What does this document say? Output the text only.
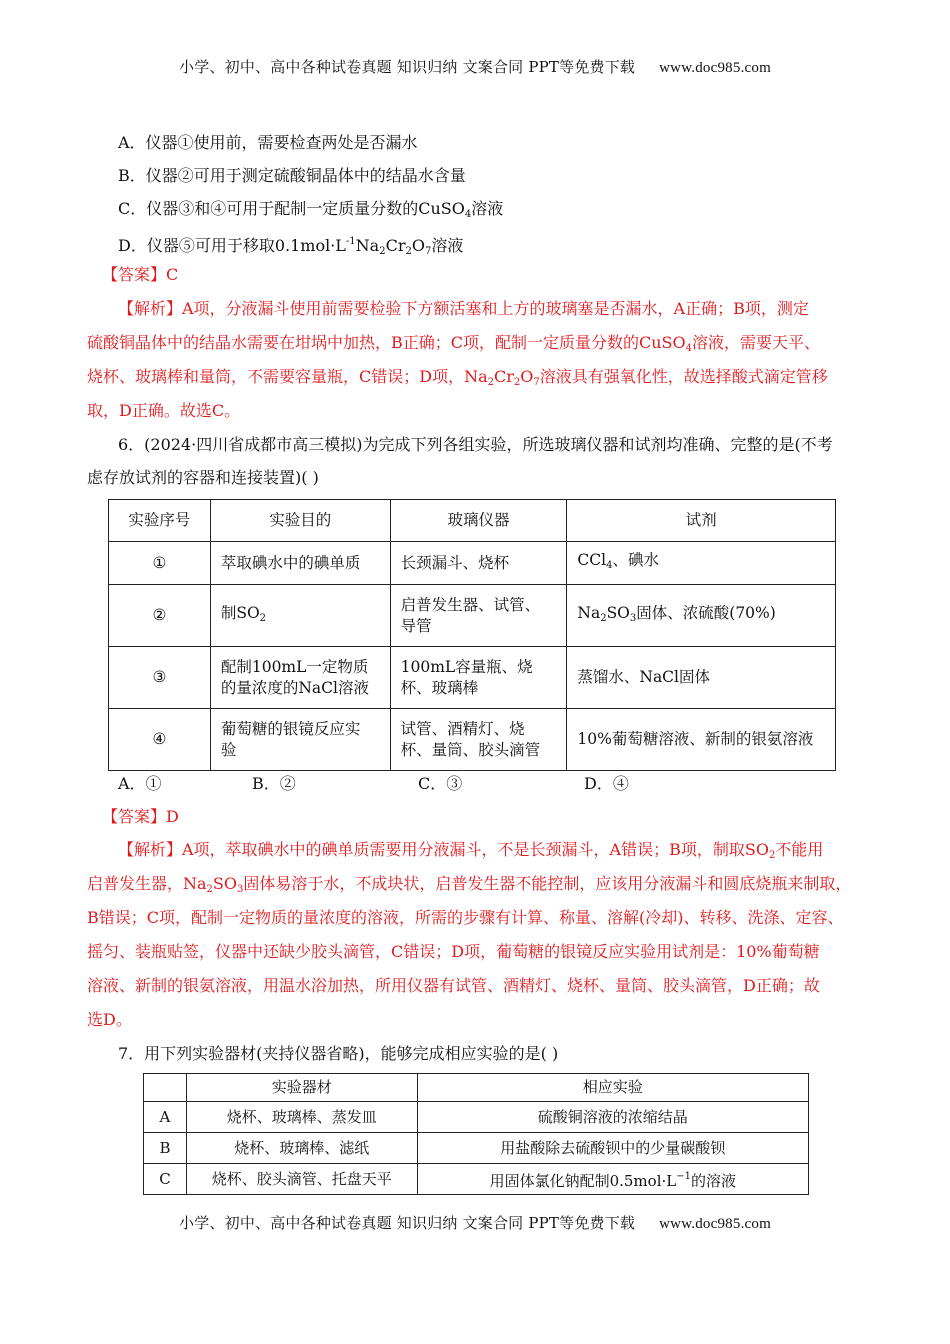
小学、初中、高中各种试卷真题 知识归纳 文案合同 PPT等免费下载 www.doc985.com
A．仪器①使用前，需要检查两处是否漏水
B．仪器②可用于测定硫酸铜晶体中的结晶水含量
C．仪器③和④可用于配制一定质量分数的CuSO$_4$溶液
D．仪器⑤可用于移取$0.1mol\cdot L^{-1}Na_2Cr_2O_7$溶液
【答案】C
【解析】A项，分液漏斗使用前需要检验下方额活塞和上方的玻璃塞是否漏水，A正确；B项，测定
硫酸铜晶体中的结晶水需要在坩埚中加热，B正确；C项，配制一定质量分数的CuSO$_4$溶液，需要天平、
烧杯、玻璃棒和量筒，不需要容量瓶，C错误；D项，$Na_2Cr_2O_7$溶液具有强氧化性，故选择酸式滴定管移
取，D正确。故选C。
6．(2024·四川省成都市高三模拟)为完成下列各组实验，所选玻璃仪器和试剂均准确、完整的是(不考
虑存放试剂的容器和连接装置)( )
实验序号	实验目的	玻璃仪器	试剂
①	萃取碘水中的碘单质	长颈漏斗、烧杯	CCl$_4$、碘水
②	制$SO_2$	启普发生器、试管、
导管	$Na_2SO_3$固体、浓硫酸(70%)
③	配制100mL一定物质
的量浓度的NaCl溶液	100mL容量瓶、烧
杯、玻璃棒	蒸馏水、NaCl固体
④	葡萄糖的银镜反应实
验	试管、酒精灯、烧
杯、量筒、胶头滴管	10%葡萄糖溶液、新制的银氨溶液
A．①	B．②	C．③	D．④
【答案】D
【解析】A项，萃取碘水中的碘单质需要用分液漏斗，不是长颈漏斗，A错误；B项，制取$SO_2$不能用
启普发生器，$Na_2SO_3$固体易溶于水，不成块状，启普发生器不能控制，应该用分液漏斗和圆底烧瓶来制取，
B错误；C项，配制一定物质的量浓度的溶液，所需的步骤有计算、称量、溶解(冷却)、转移、洗涤、定容、
摇匀、装瓶贴签，仪器中还缺少胶头滴管，C错误；D项，葡萄糖的银镜反应实验用试剂是：10%葡萄糖
溶液、新制的银氨溶液，用温水浴加热，所用仪器有试管、酒精灯、烧杯、量筒、胶头滴管，D正确；故
选D。
7．用下列实验器材(夹持仪器省略)，能够完成相应实验的是( )
	实验器材	相应实验
A	烧杯、玻璃棒、蒸发皿	硫酸铜溶液的浓缩结晶
B	烧杯、玻璃棒、滤纸	用盐酸除去硫酸钡中的少量碳酸钡
C	烧杯、胶头滴管、托盘天平	用固体氯化钠配制$0.5mol\cdot L^{-1}$的溶液
小学、初中、高中各种试卷真题 知识归纳 文案合同 PPT等免费下载 www.doc985.com
